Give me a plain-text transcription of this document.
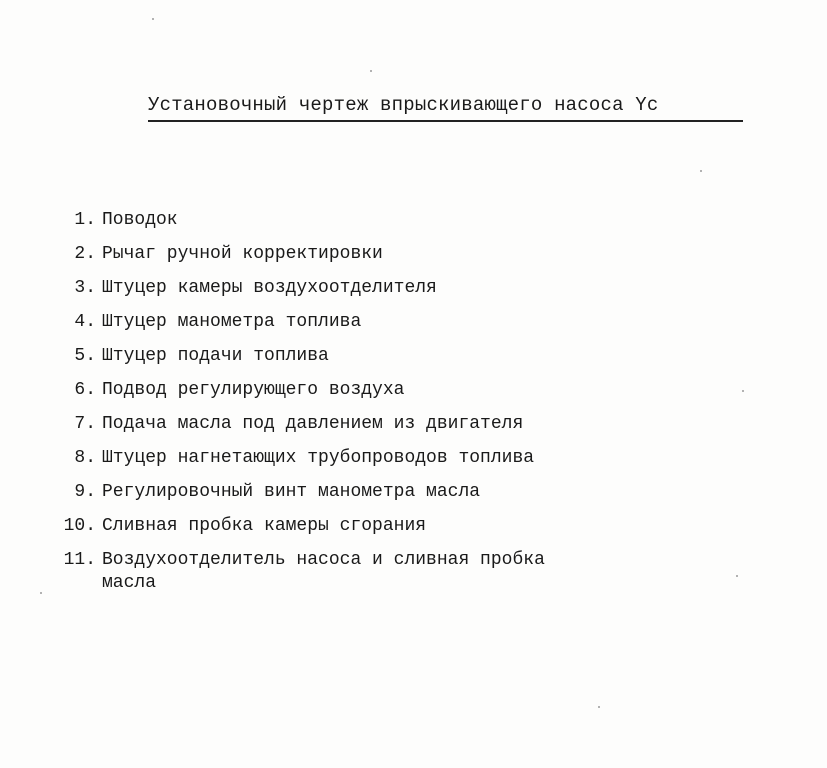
Установочный чертеж впрыскивающего насоса Yc
1. Поводок
2. Рычаг ручной корректировки
3. Штуцер камеры воздухоотделителя
4. Штуцер манометра топлива
5. Штуцер подачи топлива
6. Подвод регулирующего воздуха
7. Подача масла под давлением из двигателя
8. Штуцер нагнетающих трубопроводов топлива
9. Регулировочный винт манометра масла
10. Сливная пробка камеры сгорания
11. Воздухоотделитель насоса и сливная пробка масла
